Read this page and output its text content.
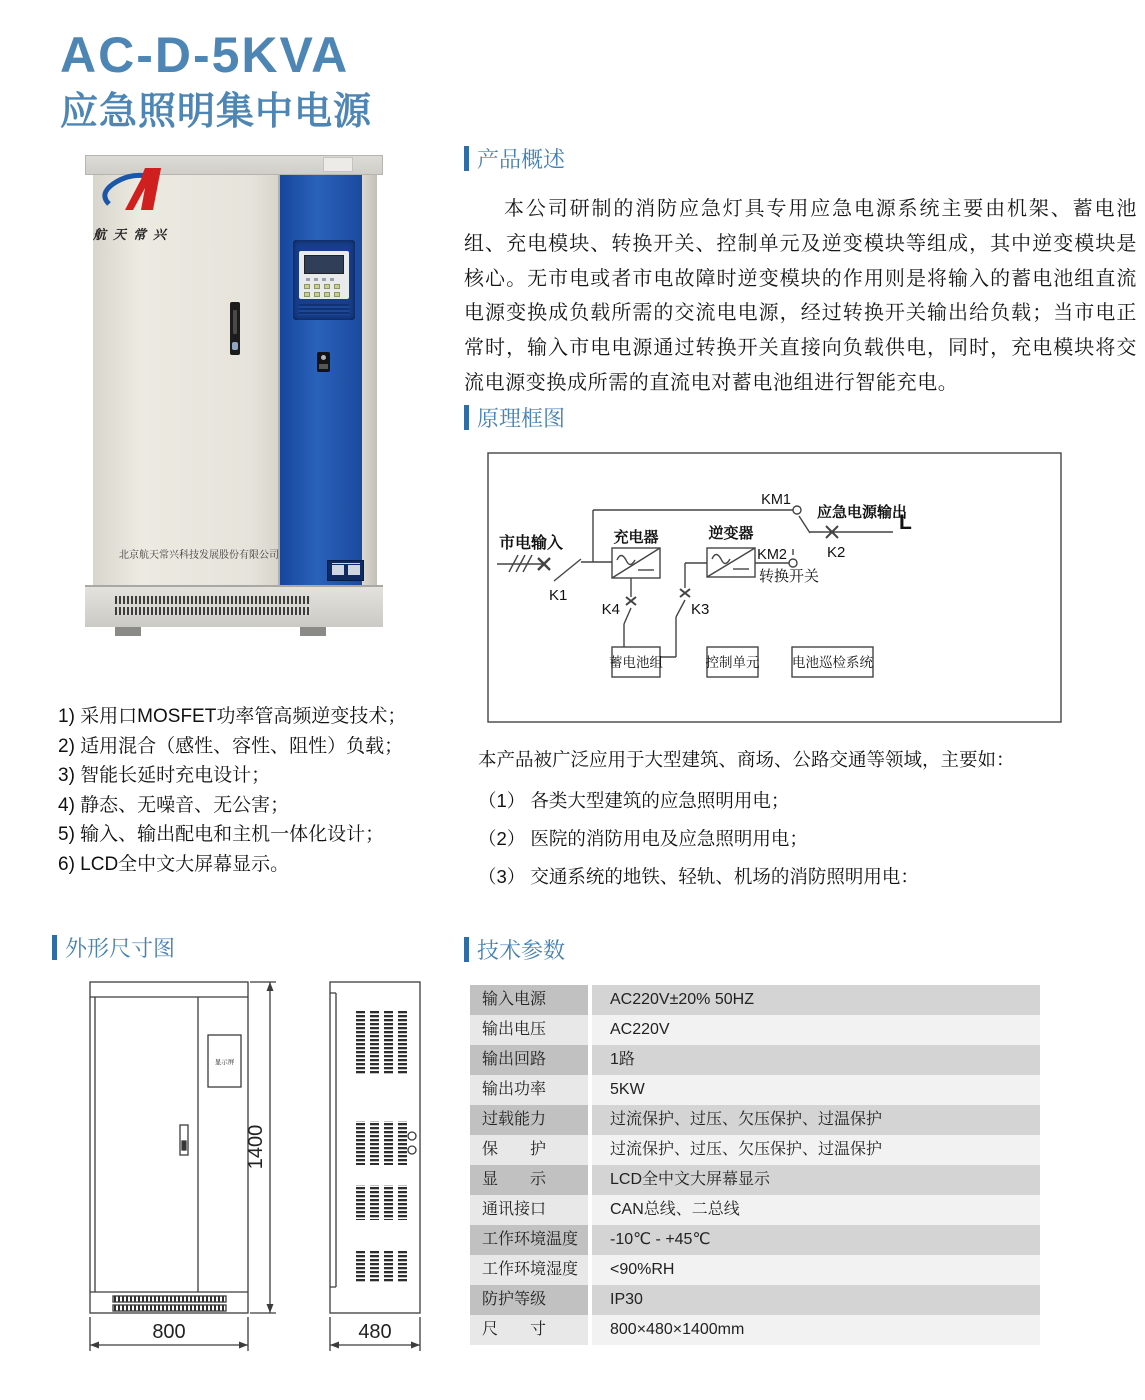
AC-D-5KVA
应急照明集中电源
航天常兴
北京航天常兴科技发展股份有限公司
产品概述
本公司研制的消防应急灯具专用应急电源系统主要由机架、蓄电池组、充电模块、转换开关、控制单元及逆变模块等组成，其中逆变模块是核心。无市电或者市电故障时逆变模块的作用则是将输入的蓄电池组直流电源变换成负载所需的交流电电源，经过转换开关输出给负载；当市电正常时，输入市电电源通过转换开关直接向负载供电，同时，充电模块将交流电源变换成所需的直流电对蓄电池组进行智能充电。
原理框图
市电输入
K1
充电器	逆变器
KM1
应急电源输出
L
K2
KM2
转换开关
K4	K3
蓄电池组	控制单元 电池巡检系统
1) 采用口MOSFET功率管高频逆变技术；
2) 适用混合（感性、容性、阻性）负载；
3) 智能长延时充电设计；
4) 静态、无噪音、无公害；
5) 输入、输出配电和主机一体化设计；
6) LCD全中文大屏幕显示。
本产品被广泛应用于大型建筑、商场、公路交通等领域，主要如：
（1） 各类大型建筑的应急照明用电；
（2） 医院的消防用电及应急照明用电；
（3） 交通系统的地铁、轻轨、机场的消防照明用电：
外形尺寸图
显示屏
1400
800	480
技术参数
输入电源	AC220V±20% 50HZ
输出电压	AC220V
输出回路	1路
输出功率	5KW
过载能力	过流保护、过压、欠压保护、过温保护
保　　护	过流保护、过压、欠压保护、过温保护
显　　示	LCD全中文大屏幕显示
通讯接口	CAN总线、二总线
工作环境温度	-10℃ - +45℃
工作环境湿度	<90%RH
防护等级	IP30
尺　　寸	800×480×1400mm
